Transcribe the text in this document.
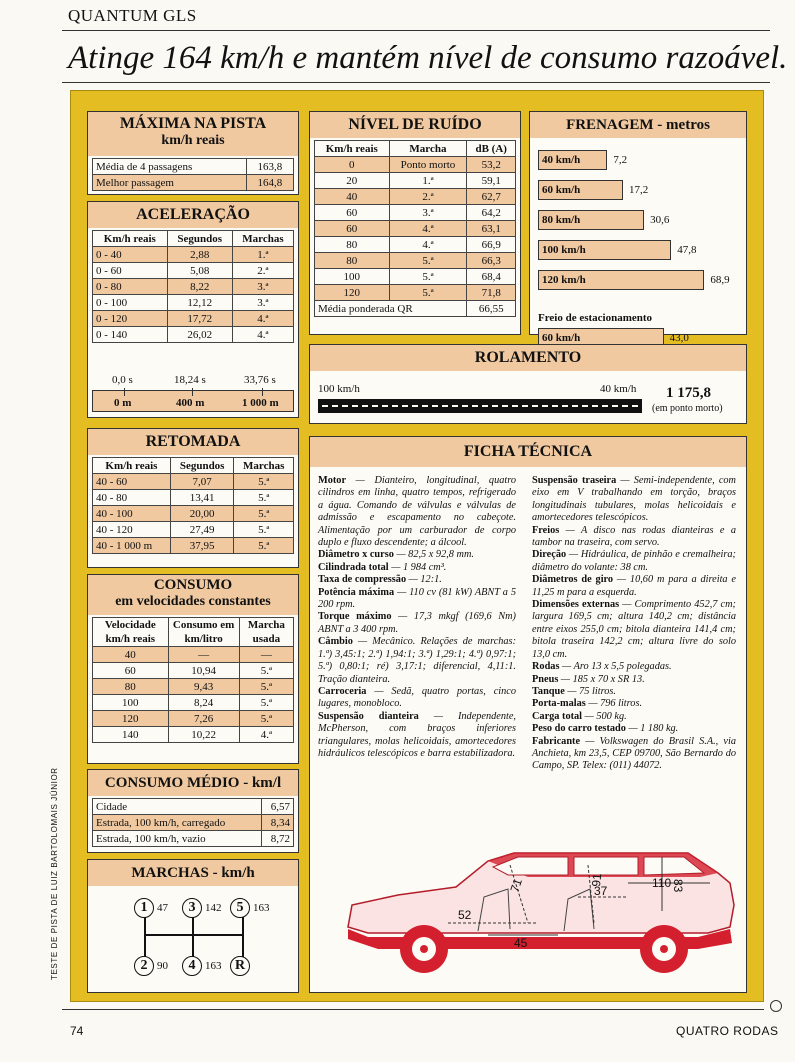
QUANTUM GLS
Atinge 164 km/h e mantém nível de consumo razoável.
TESTE DE PISTA DE LUIZ BARTOLOMAIS JÚNIOR
MÁXIMA NA PISTA
km/h reais
Média de 4 passagens	163,8
Melhor passagem	164,8
ACELERAÇÃO
Km/h reais	Segundos	Marchas
0 - 40	2,88	1.ª
0 - 60	5,08	2.ª
0 - 80	8,22	3.ª
0 - 100	12,12	3.ª
0 - 120	17,72	4.ª
0 - 140	26,02	4.ª
0,0 s	18,24 s	33,76 s
0 m	400 m	1 000 m
RETOMADA
Km/h reais	Segundos	Marchas
40 - 60	7,07	5.ª
40 - 80	13,41	5.ª
40 - 100	20,00	5.ª
40 - 120	27,49	5.ª
40 - 1 000 m	37,95	5.ª
CONSUMO
em velocidades constantes
Velocidade km/h reais	Consumo em km/litro	Marcha usada
40	—	—
60	10,94	5.ª
80	9,43	5.ª
100	8,24	5.ª
120	7,26	5.ª
140	10,22	4.ª
CONSUMO MÉDIO - km/l
Cidade	6,57
Estrada, 100 km/h, carregado	8,34
Estrada, 100 km/h, vazio	8,72
MARCHAS - km/h
1 47	3 142	5 163
2 90	4 163 R
NÍVEL DE RUÍDO
Km/h reais	Marcha	dB (A)
0	Ponto morto	53,2
20	1.ª	59,1
40	2.ª	62,7
60	3.ª	64,2
60	4.ª	63,1
80	4.ª	66,9
80	5.ª	66,3
100	5.ª	68,4
120	5.ª	71,8
Média ponderada QR		66,55
FRENAGEM - metros
40 km/h	7,2
60 km/h	17,2
80 km/h	30,6
100 km/h	47,8
120 km/h	68,9
60 km/h	43,0
Freio de estacionamento
ROLAMENTO
100 km/h	40 km/h 1 175,8
(em ponto morto)
FICHA TÉCNICA
Motor — Dianteiro, longitudinal, quatro cilindros em linha, quatro tempos, refrigerado a água. Comando de válvulas e válvulas de admissão e escapamento no cabeçote. Alimentação por um carburador de corpo duplo e fluxo descendente; a álcool.
Diâmetro x curso — 82,5 x 92,8 mm.
Cilindrada total — 1 984 cm³.
Taxa de compressão — 12:1.
Potência máxima — 110 cv (81 kW) ABNT a 5 200 rpm.
Torque máximo — 17,3 mkgf (169,6 Nm) ABNT a 3 400 rpm.
Câmbio — Mecânico. Relações de marchas: 1.ª) 3,45:1; 2.ª) 1,94:1; 3.ª) 1,29:1; 4.ª) 0,97:1; 5.ª) 0,80:1; ré) 3,17:1; diferencial, 4,11:1. Tração dianteira.
Carroceria — Sedã, quatro portas, cinco lugares, monobloco.
Suspensão dianteira — Independente, McPherson, com braços inferiores triangulares, molas helicoidais, amortecedores hidráulicos telescópicos e barra estabilizadora.
Suspensão traseira — Semi-independente, com eixo em V trabalhando em torção, braços longitudinais tubulares, molas helicoidais e amortecedores telescópicos.
Freios — A disco nas rodas dianteiras e a tambor na traseira, com servo.
Direção — Hidráulica, de pinhão e cremalheira; diâmetro do volante: 38 cm.
Diâmetros de giro — 10,60 m para a direita e 11,25 m para a esquerda.
Dimensões externas — Comprimento 452,7 cm; largura 169,5 cm; altura 140,2 cm; distância entre eixos 255,0 cm; bitola dianteira 141,4 cm; bitola traseira 142,2 cm; altura livre do solo 13,0 cm.
Rodas — Aro 13 x 5,5 polegadas.
Pneus — 185 x 70 x SR 13.
Tanque — 75 litros.
Porta-malas — 796 litros.
Carga total — 500 kg.
Peso do carro testado — 1 180 kg.
Fabricante — Volkswagen do Brasil S.A., via Anchieta, km 23,5, CEP 09700, São Bernardo do Campo, SP. Telex: (011) 44072.
52
71	37
91	83
110
45
74	QUATRO RODAS
